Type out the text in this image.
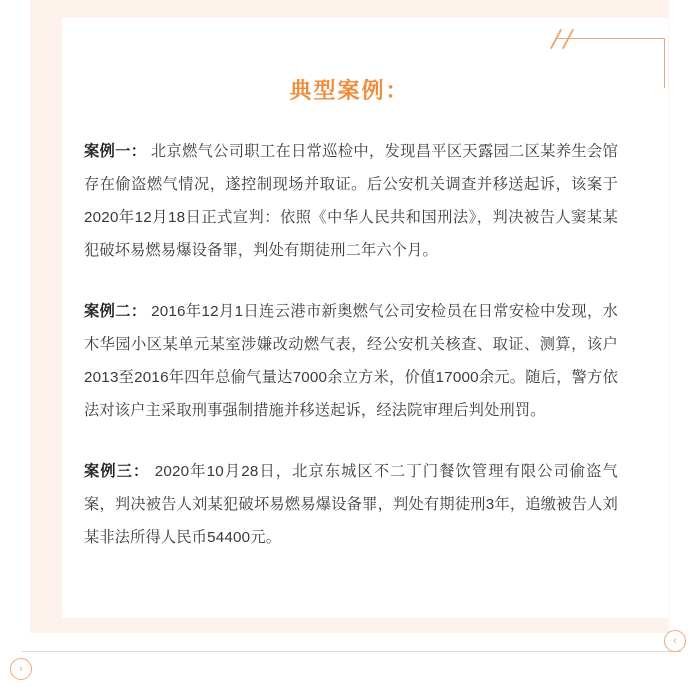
典型案例：

案例一： 北京燃气公司职工在日常巡检中，发现昌平区天露园二区某养生会馆存在偷盗燃气情况，遂控制现场并取证。后公安机关调查并移送起诉，该案于2020年12月18日正式宣判：依照《中华人民共和国刑法》，判决被告人窦某某犯破坏易燃易爆设备罪，判处有期徒刑二年六个月。

案例二： 2016年12月1日连云港市新奥燃气公司安检员在日常安检中发现，水木华园小区某单元某室涉嫌改动燃气表，经公安机关核查、取证、测算，该户2013至2016年四年总偷气量达7000余立方米，价值17000余元。随后，警方依法对该户主采取刑事强制措施并移送起诉，经法院审理后判处刑罚。

案例三： 2020年10月28日，北京东城区不二丁门餐饮管理有限公司偷盗气案，判决被告人刘某犯破坏易燃易爆设备罪，判处有期徒刑3年，追缴被告人刘某非法所得人民币54400元。

‹
›
